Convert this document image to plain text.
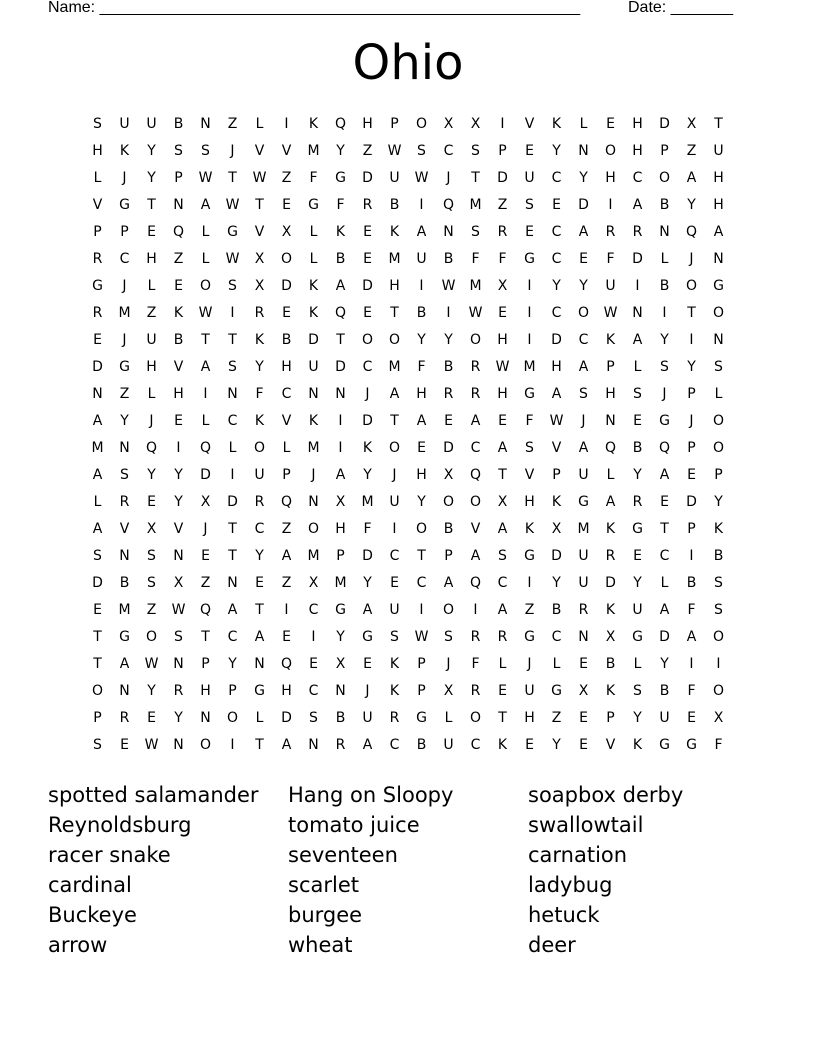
Name: ______________________________________________________	Date: _______
Ohio
S	U	U	B	N	Z	L	I	K	Q	H	P	O	X	X	I	V	K	L	E	H	D	X	T
H	K	Y	S	S	J	V	V	M	Y	Z	W	S	C	S	P	E	Y	N	O	H	P	Z	U
L	J	Y	P	W	T	W	Z	F	G	D	U	W	J	T	D	U	C	Y	H	C	O	A	H
V	G	T	N	A	W	T	E	G	F	R	B	I	Q	M	Z	S	E	D	I	A	B	Y	H
P	P	E	Q	L	G	V	X	L	K	E	K	A	N	S	R	E	C	A	R	R	N	Q	A
R	C	H	Z	L	W	X	O	L	B	E	M	U	B	F	F	G	C	E	F	D	L	J	N
G	J	L	E	O	S	X	D	K	A	D	H	I	W	M	X	I	Y	Y	U	I	B	O	G
R	M	Z	K	W	I	R	E	K	Q	E	T	B	I	W	E	I	C	O	W	N	I	T	O
E	J	U	B	T	T	K	B	D	T	O	O	Y	Y	O	H	I	D	C	K	A	Y	I	N
D	G	H	V	A	S	Y	H	U	D	C	M	F	B	R	W	M	H	A	P	L	S	Y	S
N	Z	L	H	I	N	F	C	N	N	J	A	H	R	R	H	G	A	S	H	S	J	P	L
A	Y	J	E	L	C	K	V	K	I	D	T	A	E	A	E	F	W	J	N	E	G	J	O
M	N	Q	I	Q	L	O	L	M	I	K	O	E	D	C	A	S	V	A	Q	B	Q	P	O
A	S	Y	Y	D	I	U	P	J	A	Y	J	H	X	Q	T	V	P	U	L	Y	A	E	P
L	R	E	Y	X	D	R	Q	N	X	M	U	Y	O	O	X	H	K	G	A	R	E	D	Y
A	V	X	V	J	T	C	Z	O	H	F	I	O	B	V	A	K	X	M	K	G	T	P	K
S	N	S	N	E	T	Y	A	M	P	D	C	T	P	A	S	G	D	U	R	E	C	I	B
D	B	S	X	Z	N	E	Z	X	M	Y	E	C	A	Q	C	I	Y	U	D	Y	L	B	S
E	M	Z	W	Q	A	T	I	C	G	A	U	I	O	I	A	Z	B	R	K	U	A	F	S
T	G	O	S	T	C	A	E	I	Y	G	S	W	S	R	R	G	C	N	X	G	D	A	O
T	A	W	N	P	Y	N	Q	E	X	E	K	P	J	F	L	J	L	E	B	L	Y	I	I
O	N	Y	R	H	P	G	H	C	N	J	K	P	X	R	E	U	G	X	K	S	B	F	O
P	R	E	Y	N	O	L	D	S	B	U	R	G	L	O	T	H	Z	E	P	Y	U	E	X
S	E	W	N	O	I	T	A	N	R	A	C	B	U	C	K	E	Y	E	V	K	G	G	F
spotted salamander	Hang on Sloopy	soapbox derby
Reynoldsburg	tomato juice	swallowtail
racer snake	seventeen	carnation
cardinal	scarlet	ladybug
Buckeye	burgee	hetuck
arrow	wheat	deer
